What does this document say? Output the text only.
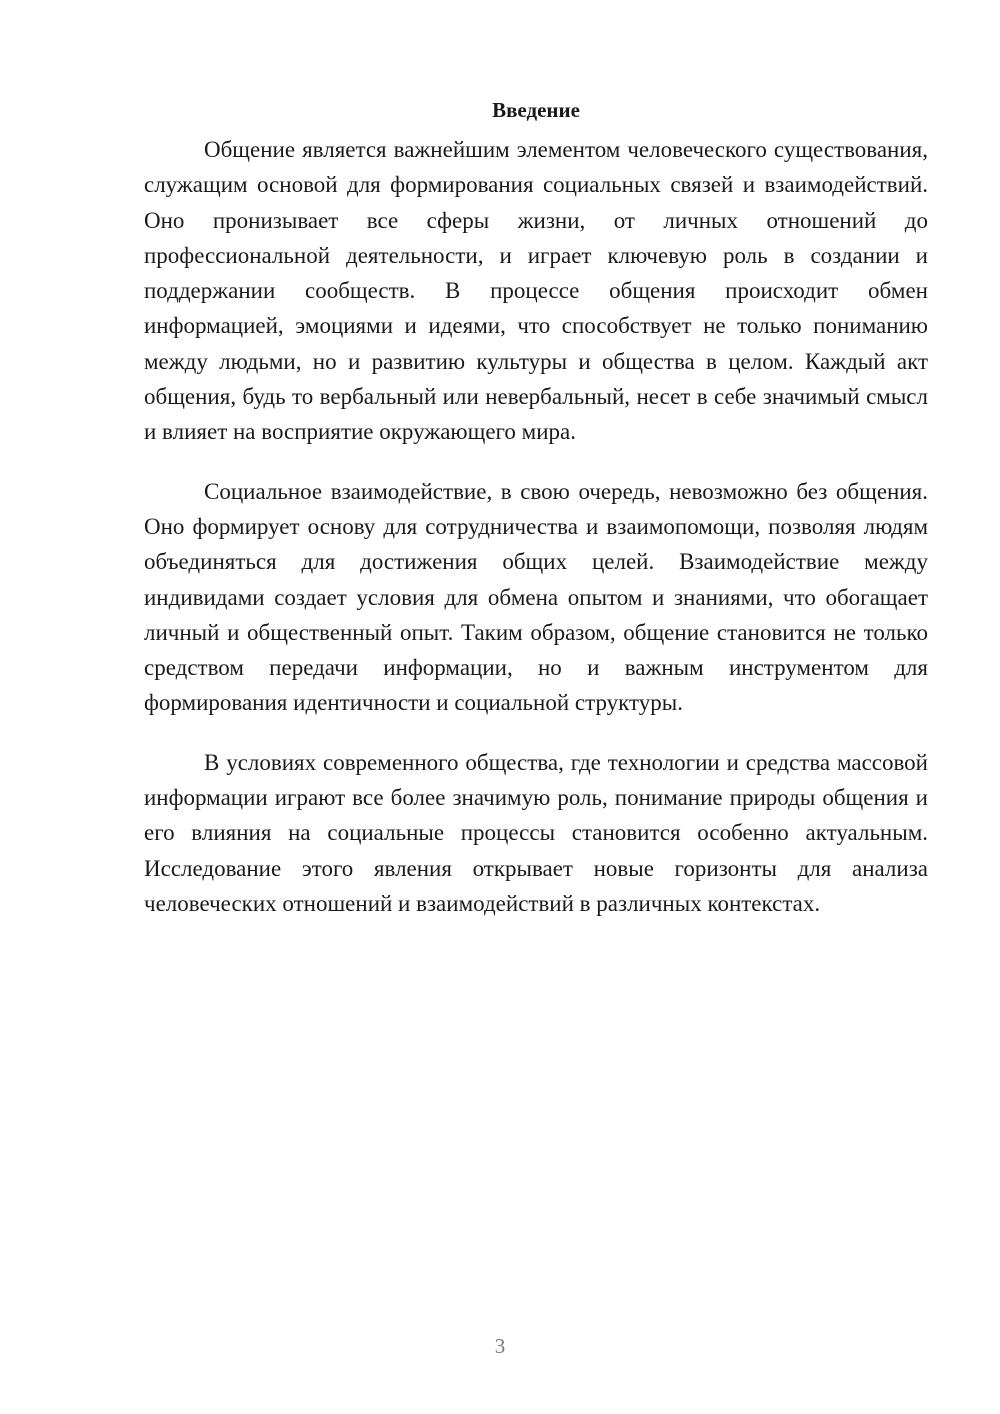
Введение

Общение является важнейшим элементом человеческого существования, служащим основой для формирования социальных связей и взаимодействий. Оно пронизывает все сферы жизни, от личных отношений до профессиональной деятельности, и играет ключевую роль в создании и поддержании сообществ. В процессе общения происходит обмен информацией, эмоциями и идеями, что способствует не только пониманию между людьми, но и развитию культуры и общества в целом. Каждый акт общения, будь то вербальный или невербальный, несет в себе значимый смысл и влияет на восприятие окружающего мира.

Социальное взаимодействие, в свою очередь, невозможно без общения. Оно формирует основу для сотрудничества и взаимопомощи, позволяя людям объединяться для достижения общих целей. Взаимодействие между индивидами создает условия для обмена опытом и знаниями, что обогащает личный и общественный опыт. Таким образом, общение становится не только средством передачи информации, но и важным инструментом для формирования идентичности и социальной структуры.

В условиях современного общества, где технологии и средства массовой информации играют все более значимую роль, понимание природы общения и его влияния на социальные процессы становится особенно актуальным. Исследование этого явления открывает новые горизонты для анализа человеческих отношений и взаимодействий в различных контекстах.

3
